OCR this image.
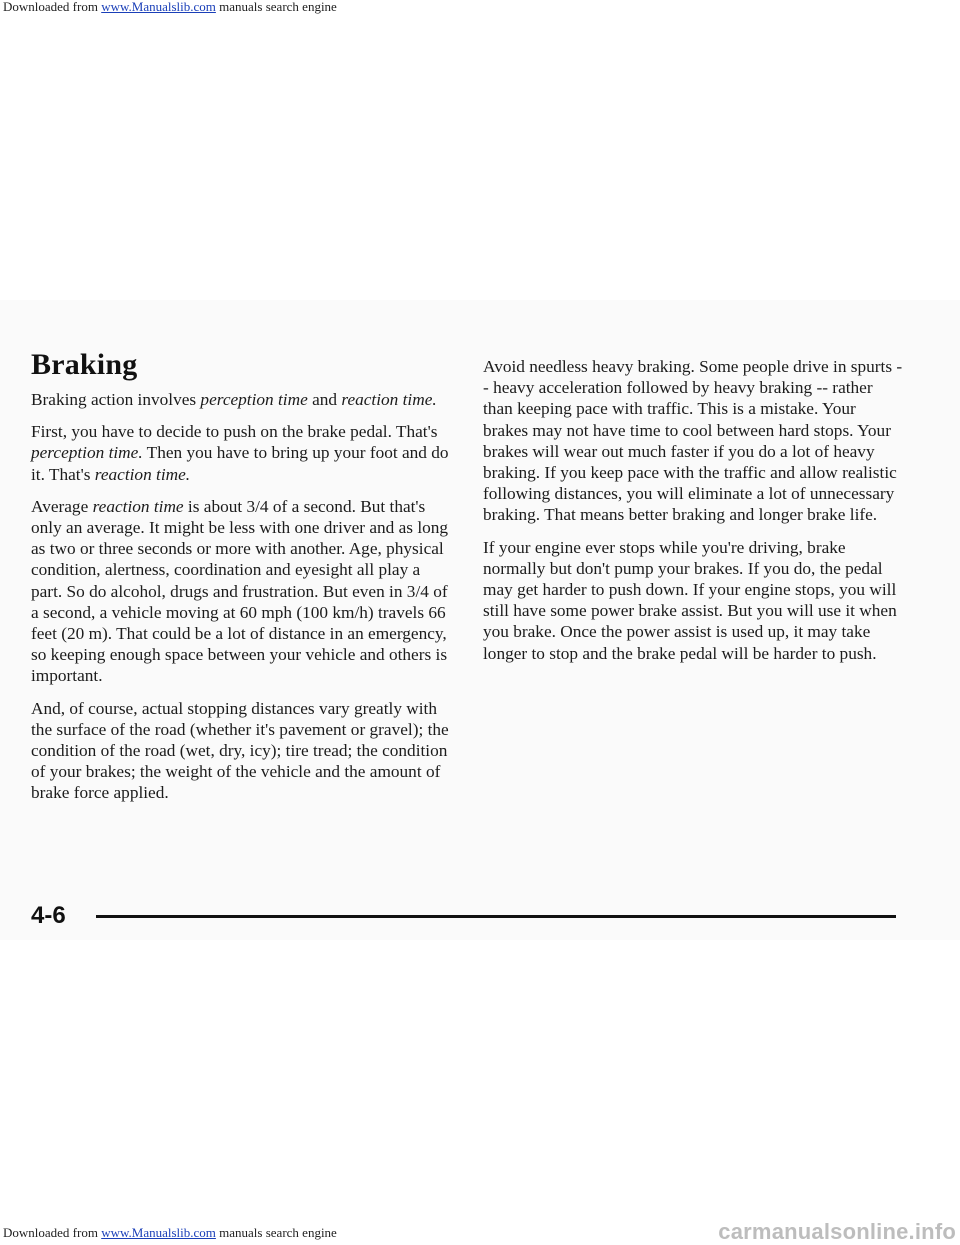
Downloaded from www.Manualslib.com manuals search engine
Braking

Braking action involves perception time and reaction time.

First, you have to decide to push on the brake pedal. That's perception time. Then you have to bring up your foot and do it. That's reaction time.

Average reaction time is about 3/4 of a second. But that's only an average. It might be less with one driver and as long as two or three seconds or more with another. Age, physical condition, alertness, coordination and eyesight all play a part. So do alcohol, drugs and frustration. But even in 3/4 of a second, a vehicle moving at 60 mph (100 km/h) travels 66 feet (20 m). That could be a lot of distance in an emergency, so keeping enough space between your vehicle and others is important.

And, of course, actual stopping distances vary greatly with the surface of the road (whether it's pavement or gravel); the condition of the road (wet, dry, icy); tire tread; the condition of your brakes; the weight of the vehicle and the amount of brake force applied.

Avoid needless heavy braking. Some people drive in spurts -- heavy acceleration followed by heavy braking -- rather than keeping pace with traffic. This is a mistake. Your brakes may not have time to cool between hard stops. Your brakes will wear out much faster if you do a lot of heavy braking. If you keep pace with the traffic and allow realistic following distances, you will eliminate a lot of unnecessary braking. That means better braking and longer brake life.

If your engine ever stops while you're driving, brake normally but don't pump your brakes. If you do, the pedal may get harder to push down. If your engine stops, you will still have some power brake assist. But you will use it when you brake. Once the power assist is used up, it may take longer to stop and the brake pedal will be harder to push.

4-6
Downloaded from www.Manualslib.com manuals search engine	carmanualsonline.info
